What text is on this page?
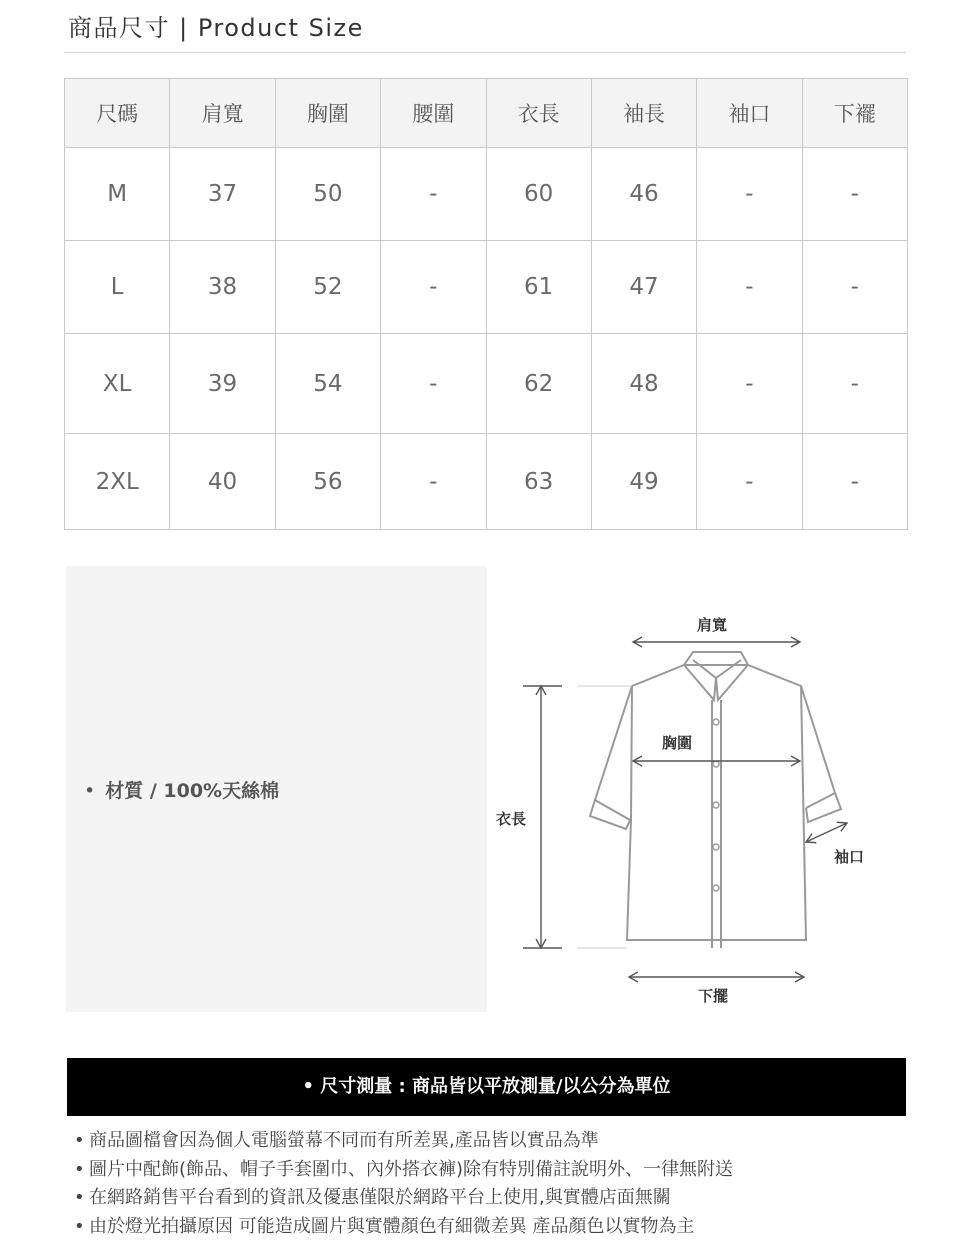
商品尺寸 | Product Size
尺碼	肩寬	胸圍	腰圍	衣長	袖長	袖口	下襬
M	37	50	-	60	46	-	-
L	38	52	-	61	47	-	-
XL	39	54	-	62	48	-	-
2XL	40	56	-	63	49	-	-
• 材質 / 100%天絲棉
肩寬
胸圍
衣長
袖口
下擺
• 尺寸測量 : 商品皆以平放測量/以公分為單位
• 商品圖檔會因為個人電腦螢幕不同而有所差異,產品皆以實品為準
• 圖片中配飾(飾品、帽子手套圍巾、內外搭衣褲)除有特別備註說明外、一律無附送
• 在網路銷售平台看到的資訊及優惠僅限於網路平台上使用,與實體店面無關
• 由於燈光拍攝原因 可能造成圖片與實體顏色有細微差異 產品顏色以實物為主
